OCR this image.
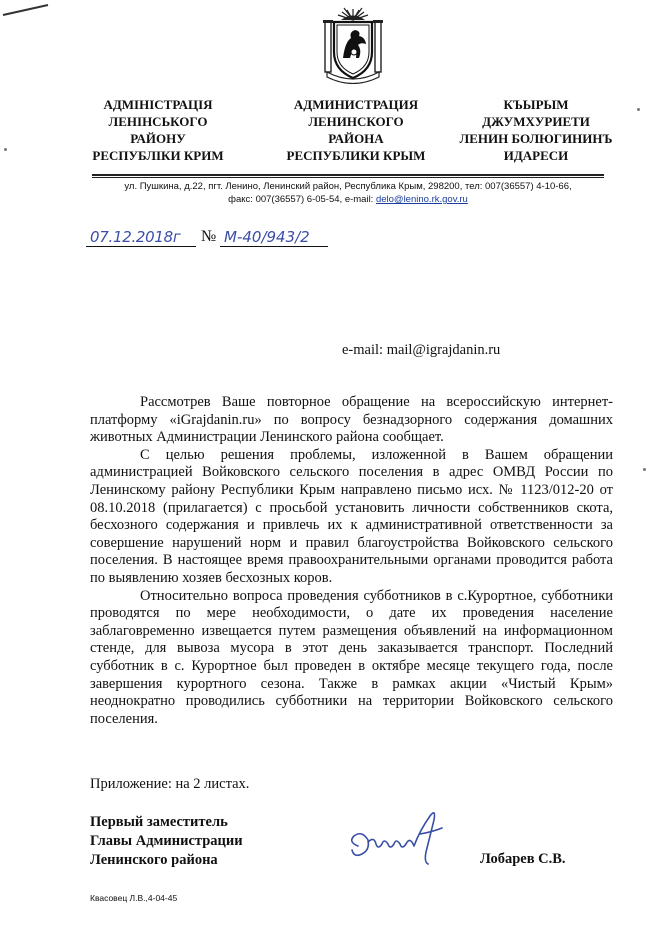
АДМІНІСТРАЦІЯ
ЛЕНІНСЬКОГО
РАЙОНУ
РЕСПУБЛІКИ КРИМ
АДМИНИСТРАЦИЯ
ЛЕНИНСКОГО
РАЙОНА
РЕСПУБЛИКИ КРЫМ
КЪЫРЫМ
ДЖУМХУРИЕТИ
ЛЕНИН БОЛЮГИНИНЪ
ИДАРЕСИ
ул. Пушкина, д.22, пгт. Ленино, Ленинский район, Республика Крым, 298200, тел: 007(36557) 4-10-66,
факс: 007(36557) 6-05-54, e-mail: delo@lenino.rk.gov.ru
07.12.2018г № М-40/943/2
e-mail: mail@igrajdanin.ru

Рассмотрев Ваше повторное обращение на всероссийскую интернет-платформу «iGrajdanin.ru» по вопросу безнадзорного содержания домашних животных Администрации Ленинского района сообщает.

С целью решения проблемы, изложенной в Вашем обращении администрацией Войковского сельского поселения в адрес ОМВД России по Ленинскому району Республики Крым направлено письмо исх. № 1123/012-20 от 08.10.2018 (прилагается) с просьбой установить личности собственников скота, бесхозного содержания и привлечь их к административной ответственности за совершение нарушений норм и правил благоустройства Войковского сельского поселения. В настоящее время правоохранительными органами проводится работа по выявлению хозяев бесхозных коров.

Относительно вопроса проведения субботников в с.Курортное, субботники проводятся по мере необходимости, о дате их проведения население заблаговременно извещается путем размещения объявлений на информационном стенде, для вывоза мусора в этот день заказывается транспорт. Последний субботник в с. Курортное был проведен в октябре месяце текущего года, после завершения курортного сезона. Также в рамках акции «Чистый Крым» неоднократно проводились субботники на территории Войковского сельского поселения.

Приложение: на 2 листах.
Первый заместитель
Главы Администрации
Ленинского района	Лобарев С.В.
Квасовец Л.В.,4-04-45
